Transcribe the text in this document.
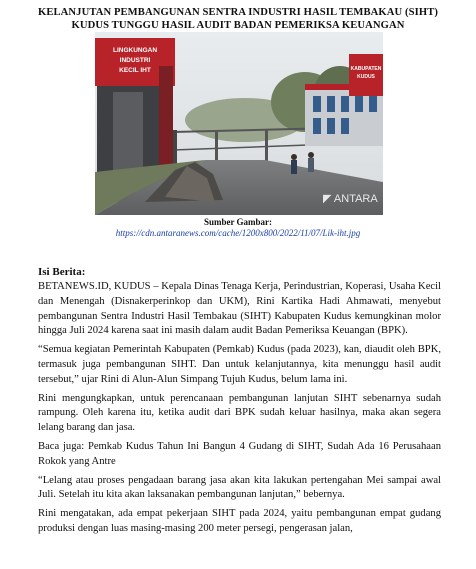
KELANJUTAN PEMBANGUNAN SENTRA INDUSTRI HASIL TEMBAKAU (SIHT) KUDUS TUNGGU HASIL AUDIT BADAN PEMERIKSA KEUANGAN
LINGKUNGAN
INDUSTRI
KECIL IHT	KABUPATEN
KUDUS
◤ ANTARA
Sumber Gambar:
https://cdn.antaranews.com/cache/1200x800/2022/11/07/Lik-iht.jpg
Isi Berita:

BETANEWS.ID, KUDUS – Kepala Dinas Tenaga Kerja, Perindustrian, Koperasi, Usaha Kecil dan Menengah (Disnakerperinkop dan UKM), Rini Kartika Hadi Ahmawati, menyebut pembangunan Sentra Industri Hasil Tembakau (SIHT) Kabupaten Kudus kemungkinan molor hingga Juli 2024 karena saat ini masih dalam audit Badan Pemeriksa Keuangan (BPK).

“Semua kegiatan Pemerintah Kabupaten (Pemkab) Kudus (pada 2023), kan, diaudit oleh BPK, termasuk juga pembangunan SIHT. Dan untuk kelanjutannya, kita menunggu hasil audit tersebut,” ujar Rini di Alun-Alun Simpang Tujuh Kudus, belum lama ini.

Rini mengungkapkan, untuk perencanaan pembangunan lanjutan SIHT sebenarnya sudah rampung. Oleh karena itu, ketika audit dari BPK sudah keluar hasilnya, maka akan segera lelang barang dan jasa.

Baca juga: Pemkab Kudus Tahun Ini Bangun 4 Gudang di SIHT, Sudah Ada 16 Perusahaan Rokok yang Antre

“Lelang atau proses pengadaan barang jasa akan kita lakukan pertengahan Mei sampai awal Juli. Setelah itu kita akan laksanakan pembangunan lanjutan,” bebernya.

Rini mengatakan, ada empat pekerjaan SIHT pada 2024, yaitu pembangunan empat gudang produksi dengan luas masing-masing 200 meter persegi, pengerasan jalan,
